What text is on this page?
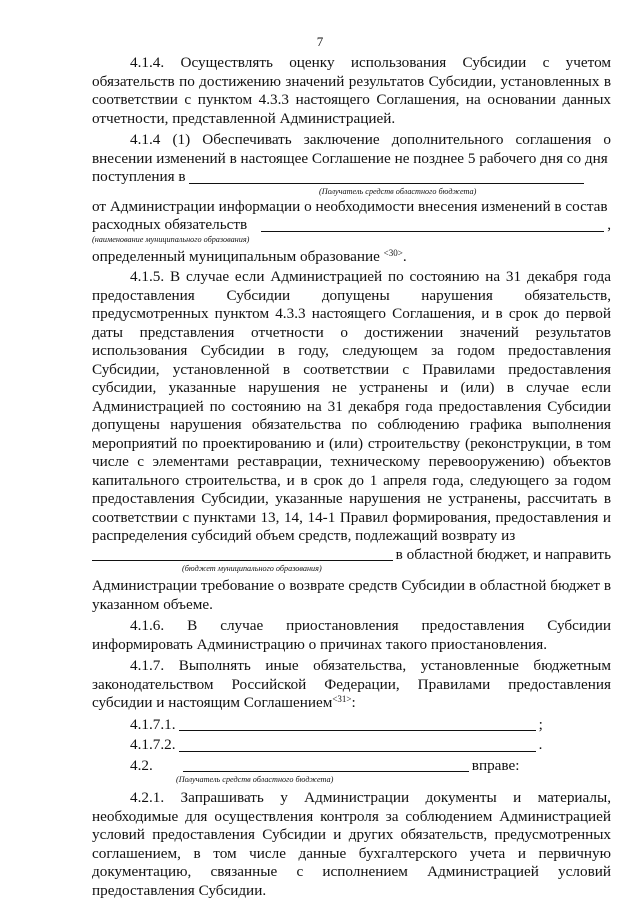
7

4.1.4. Осуществлять оценку использования Субсидии с учетом обязательств по достижению значений результатов Субсидии, установленных в соответствии с пунктом 4.3.3 настоящего Соглашения, на основании данных отчетности, представленной Администрацией.

4.1.4 (1) Обеспечивать заключение дополнительного соглашения о внесении изменений в настоящее Соглашение не позднее 5 рабочего дня со дня

поступления в
(Получатель средств областного бюджета)

от Администрации информации о необходимости внесения изменений в состав

расходных обязательств	,
(наименование муниципального образования)
определенный муниципальным образование $^{<30>}$.

4.1.5. В случае если Администрацией по состоянию на 31 декабря года предоставления Субсидии допущены нарушения обязательств, предусмотренных пунктом 4.3.3 настоящего Соглашения, и в срок до первой даты представления отчетности о достижении значений результатов использования Субсидии в году, следующем за годом предоставления Субсидии, установленной в соответствии с Правилами предоставления субсидии, указанные нарушения не устранены и (или) в случае если Администрацией по состоянию на 31 декабря года предоставления Субсидии допущены нарушения обязательства по соблюдению графика выполнения мероприятий по проектированию и (или) строительству (реконструкции, в том числе с элементами реставрации, техническому перевооружению) объектов капитального строительства, и в срок до 1 апреля года, следующего за годом предоставления Субсидии, указанные нарушения не устранены, рассчитать в соответствии с пунктами 13, 14, 14-1 Правил формирования, предоставления и распределения субсидий объем средств, подлежащий возврату из

в областной бюджет, и направить
(бюджет муниципального образования)

Администрации требование о возврате средств Субсидии в областной бюджет в указанном объеме.

4.1.6. В случае приостановления предоставления Субсидии информировать Администрацию о причинах такого приостановления.

4.1.7. Выполнять иные обязательства, установленные бюджетным законодательством Российской Федерации, Правилами предоставления субсидии и настоящим Соглашением$^{<31>}$:
4.1.7.1.	;
4.1.7.2.	.
4.2.	вправе:
(Получатель средств областного бюджета)

4.2.1. Запрашивать у Администрации документы и материалы, необходимые для осуществления контроля за соблюдением Администрацией условий предоставления Субсидии и других обязательств, предусмотренных соглашением, в том числе данные бухгалтерского учета и первичную документацию, связанные с исполнением Администрацией условий предоставления Субсидии.
